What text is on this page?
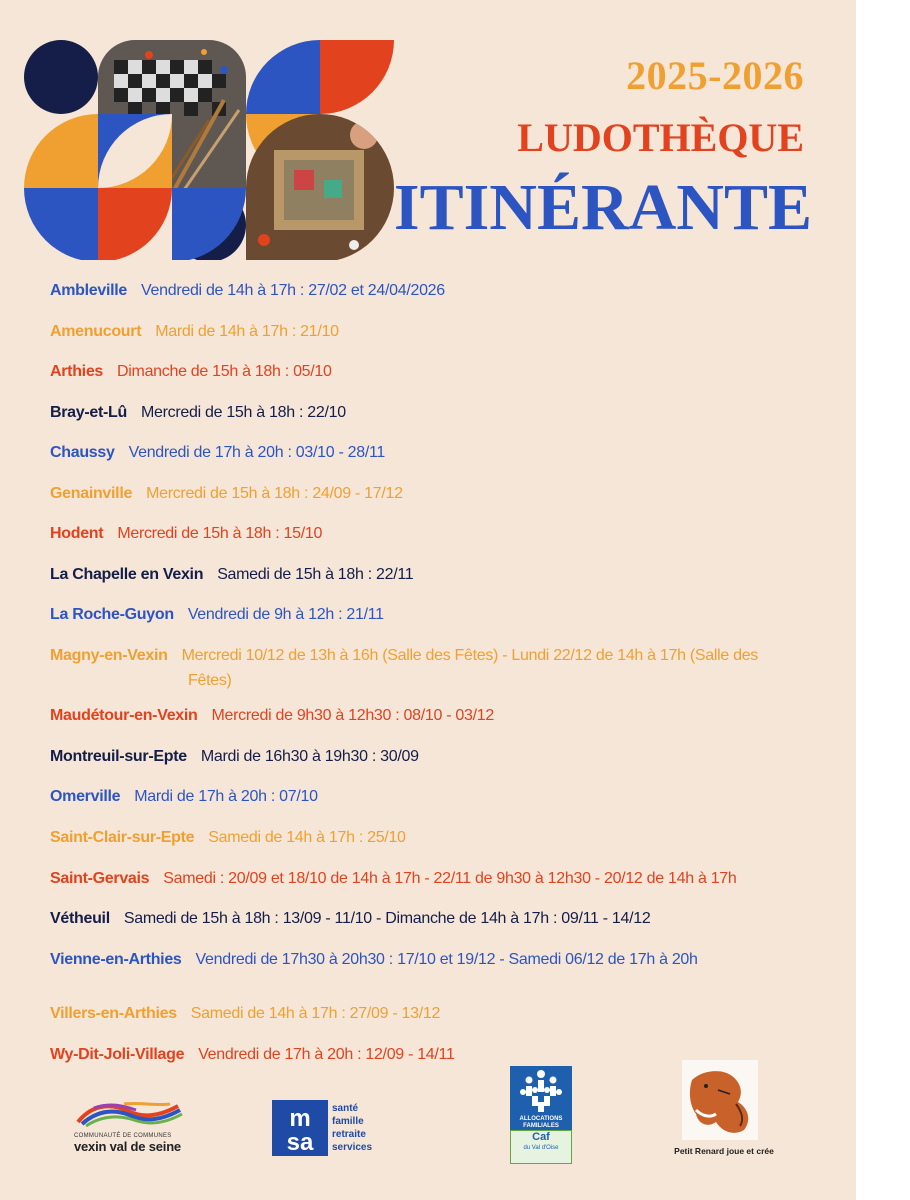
2025-2026
LUDOTHÈQUE
ITINÉRANTE
Ambleville Vendredi de 14h à 17h : 27/02 et 24/04/2026
Amenucourt Mardi de 14h à 17h : 21/10
Arthies Dimanche de 15h à 18h : 05/10
Bray-et-Lû Mercredi de 15h à 18h : 22/10
Chaussy Vendredi de 17h à 20h : 03/10 - 28/11
Genainville Mercredi de 15h à 18h : 24/09 - 17/12
Hodent Mercredi de 15h à 18h : 15/10
La Chapelle en Vexin Samedi de 15h à 18h : 22/11
La Roche-Guyon Vendredi de 9h à 12h : 21/11
Magny-en-Vexin Mercredi 10/12 de 13h à 16h (Salle des Fêtes) - Lundi 22/12 de 14h à 17h (Salle des
Fêtes)
Maudétour-en-Vexin Mercredi de 9h30 à 12h30 : 08/10 - 03/12
Montreuil-sur-Epte Mardi de 16h30 à 19h30 : 30/09
Omerville Mardi de 17h à 20h : 07/10
Saint-Clair-sur-Epte Samedi de 14h à 17h : 25/10
Saint-Gervais Samedi : 20/09 et 18/10 de 14h à 17h - 22/11 de 9h30 à 12h30 - 20/12 de 14h à 17h
Vétheuil Samedi de 15h à 18h : 13/09 - 11/10 - Dimanche de 14h à 17h : 09/11 - 14/12
Vienne-en-Arthies Vendredi de 17h30 à 20h30 : 17/10 et 19/12 - Samedi 06/12 de 17h à 20h
Villers-en-Arthies Samedi de 14h à 17h : 27/09 - 13/12
Wy-Dit-Joli-Village Vendredi de 17h à 20h : 12/09 - 14/11
COMMUNAUTÉ DE COMMUNES
vexin val de seine
m
sa
santé
famille
retraite
services
ALLOCATIONS FAMILIALES
Caf
du Val d'Oise	Petit Renard joue et crée
